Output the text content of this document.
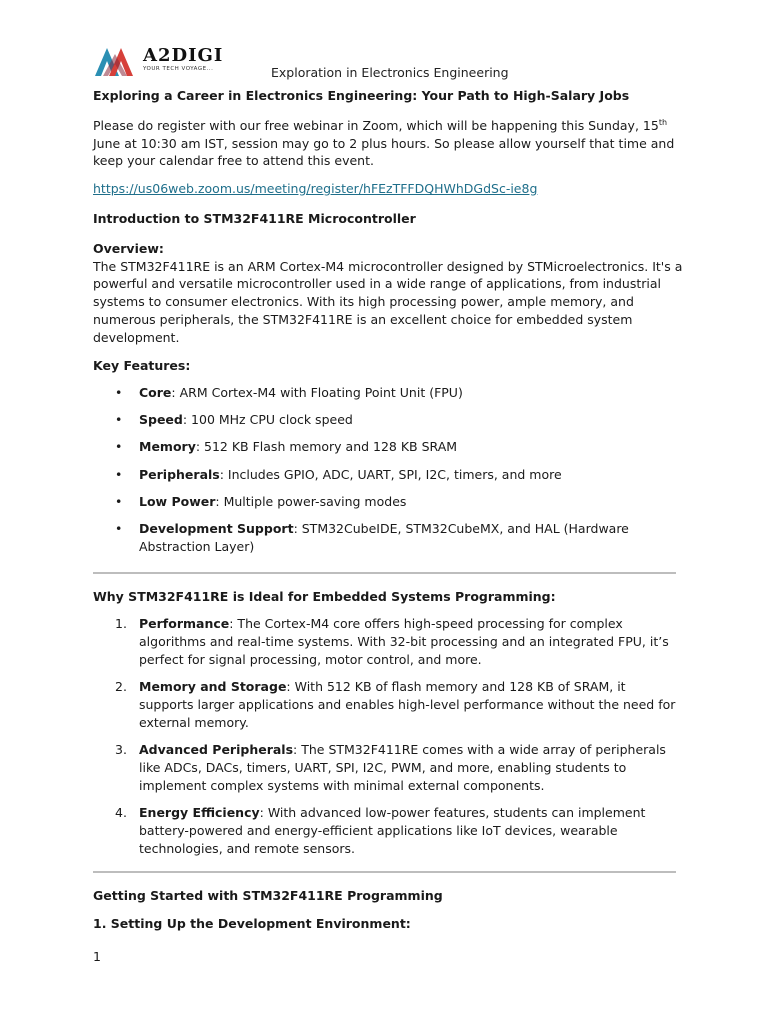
A2DIGI
YOUR TECH VOYAGE...	Exploration in Electronics Engineering

Exploring a Career in Electronics Engineering: Your Path to High-Salary Jobs

Please do register with our free webinar in Zoom, which will be happening this Sunday, 15th June at 10:30 am IST, session may go to 2 plus hours. So please allow yourself that time and keep your calendar free to attend this event.

https://us06web.zoom.us/meeting/register/hFEzTFFDQHWhDGdSc-ie8g

Introduction to STM32F411RE Microcontroller

Overview:

The STM32F411RE is an ARM Cortex-M4 microcontroller designed by STMicroelectronics. It's a powerful and versatile microcontroller used in a wide range of applications, from industrial systems to consumer electronics. With its high processing power, ample memory, and numerous peripherals, the STM32F411RE is an excellent choice for embedded system development.

Key Features:

• Core: ARM Cortex-M4 with Floating Point Unit (FPU)
• Speed: 100 MHz CPU clock speed
• Memory: 512 KB Flash memory and 128 KB SRAM
• Peripherals: Includes GPIO, ADC, UART, SPI, I2C, timers, and more
• Low Power: Multiple power-saving modes
• Development Support: STM32CubeIDE, STM32CubeMX, and HAL (Hardware Abstraction Layer)

Why STM32F411RE is Ideal for Embedded Systems Programming:

1. Performance: The Cortex-M4 core offers high-speed processing for complex algorithms and real-time systems. With 32-bit processing and an integrated FPU, it’s perfect for signal processing, motor control, and more.
2. Memory and Storage: With 512 KB of flash memory and 128 KB of SRAM, it supports larger applications and enables high-level performance without the need for external memory.
3. Advanced Peripherals: The STM32F411RE comes with a wide array of peripherals like ADCs, DACs, timers, UART, SPI, I2C, PWM, and more, enabling students to implement complex systems with minimal external components.
4. Energy Efficiency: With advanced low-power features, students can implement battery-powered and energy-efficient applications like IoT devices, wearable technologies, and remote sensors.

Getting Started with STM32F411RE Programming

1. Setting Up the Development Environment:

1
